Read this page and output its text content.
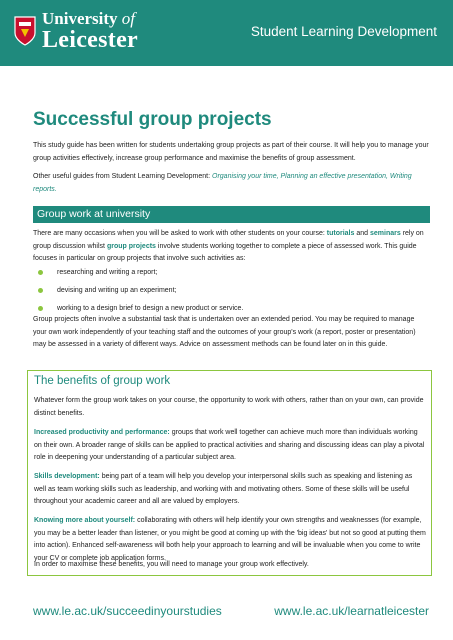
University of
Leicester	Student Learning Development
Successful group projects
This study guide has been written for students undertaking group projects as part of their course. It will help you to manage your group activities effectively, increase group performance and maximise the benefits of group assessment.
Other useful guides from Student Learning Development: Organising your time, Planning an effective presentation, Writing reports.
Group work at university
There are many occasions when you will be asked to work with other students on your course: tutorials and seminars rely on group discussion whilst group projects involve students working together to complete a piece of assessed work. This guide focuses in particular on group projects that involve such activities as:
researching and writing a report;
devising and writing up an experiment;
working to a design brief to design a new product or service.
Group projects often involve a substantial task that is undertaken over an extended period. You may be required to manage your own work independently of your teaching staff and the outcomes of your group's work (a report, poster or presentation) may be assessed in a variety of different ways. Advice on assessment methods can be found later on in this guide.
The benefits of group work
Whatever form the group work takes on your course, the opportunity to work with others, rather than on your own, can provide distinct benefits.
Increased productivity and performance: groups that work well together can achieve much more than individuals working on their own. A broader range of skills can be applied to practical activities and sharing and discussing ideas can play a pivotal role in deepening your understanding of a particular subject area.
Skills development: being part of a team will help you develop your interpersonal skills such as speaking and listening as well as team working skills such as leadership, and working with and motivating others. Some of these skills will be useful throughout your academic career and all are valued by employers.
Knowing more about yourself: collaborating with others will help identify your own strengths and weaknesses (for example, you may be a better leader than listener, or you might be good at coming up with the 'big ideas' but not so good at putting them into action). Enhanced self-awareness will both help your approach to learning and will be invaluable when you come to write your CV or complete job application forms.
In order to maximise these benefits, you will need to manage your group work effectively.
www.le.ac.uk/succeedinyourstudies	www.le.ac.uk/learnatleicester
